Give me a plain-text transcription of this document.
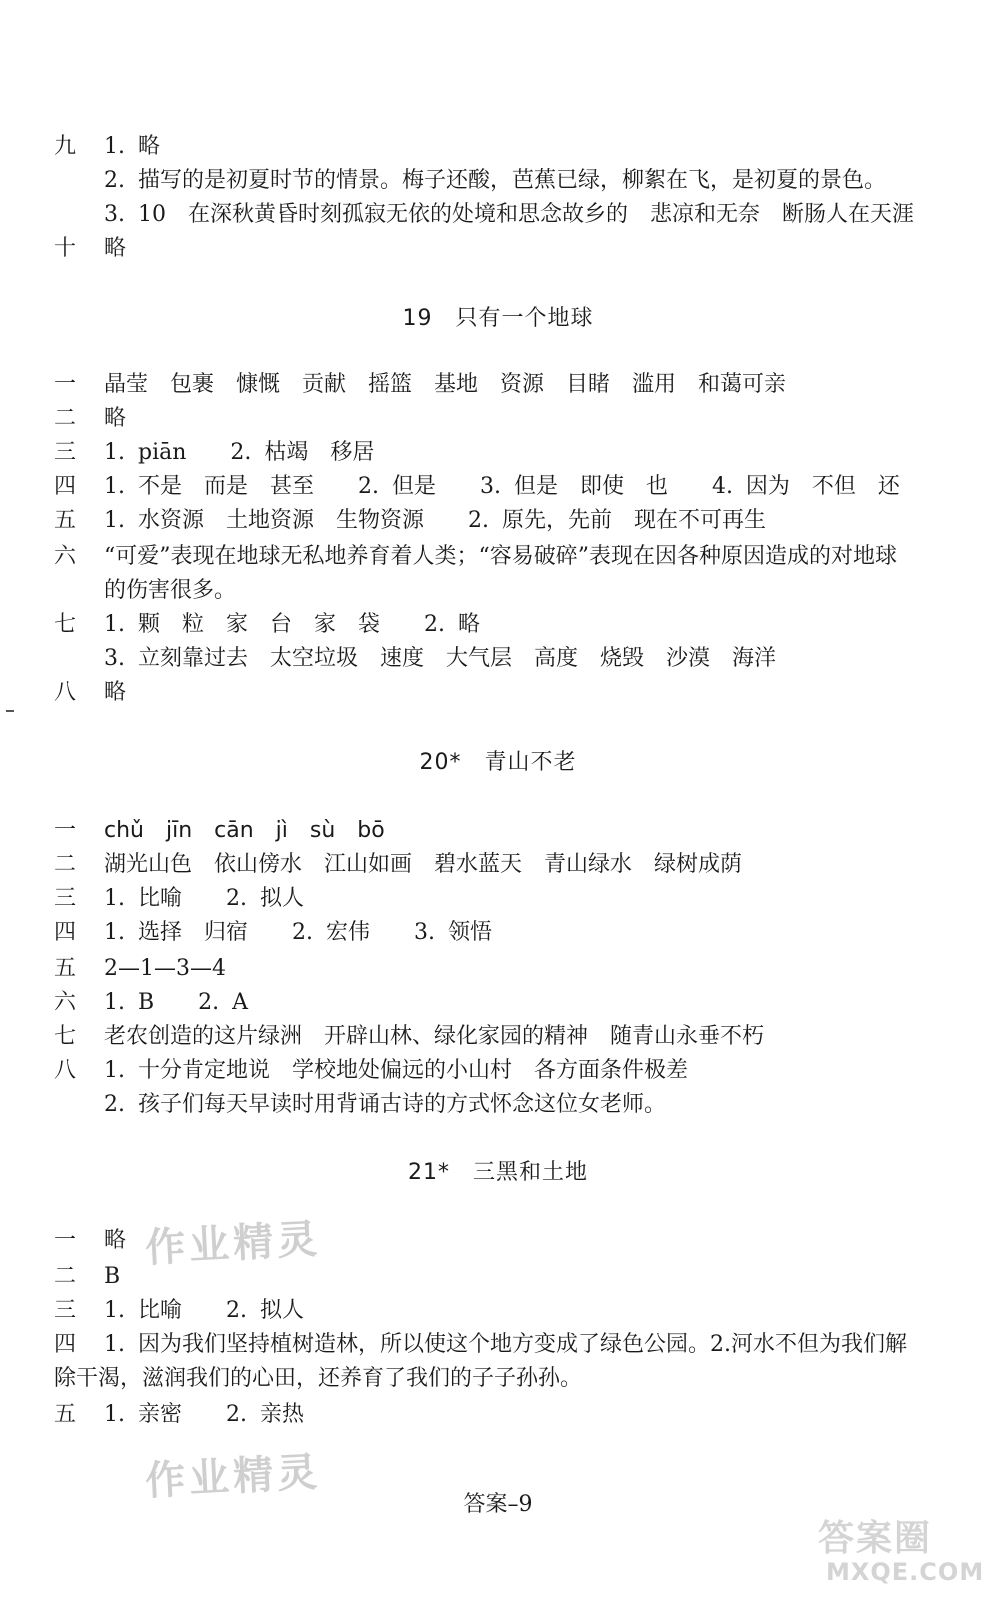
九 1. 略
2. 描写的是初夏时节的情景。梅子还酸，芭蕉已绿，柳絮在飞，是初夏的景色。
3. 10　在深秋黄昏时刻孤寂无依的处境和思念故乡的　悲凉和无奈　断肠人在天涯
十 略
19　只有一个地球
一 晶莹　包裹　慷慨　贡献　摇篮　基地　资源　目睹　滥用　和蔼可亲
二 略
三 1. piān　　2. 枯竭　移居
四 1. 不是　而是　甚至　　2. 但是　　3. 但是　即使　也　　4. 因为　不但　还
五 1. 水资源　土地资源　生物资源　　2. 原先，先前　现在不可再生
六 “可爱”表现在地球无私地养育着人类；“容易破碎”表现在因各种原因造成的对地球
的伤害很多。
七 1. 颗　粒　家　台　家　袋　　2. 略
3. 立刻靠过去　太空垃圾　速度　大气层　高度　烧毁　沙漠　海洋
八 略
20*　青山不老
一 chǔ　jīn　cān　jì　sù　bō
二 湖光山色　依山傍水　江山如画　碧水蓝天　青山绿水　绿树成荫
三 1. 比喻　　2. 拟人
四 1. 选择　归宿　　2. 宏伟　　3. 领悟
五 2—1—3—4
六 1. B　　2. A
七 老农创造的这片绿洲　开辟山林、绿化家园的精神　随青山永垂不朽
八 1. 十分肯定地说　学校地处偏远的小山村　各方面条件极差
2. 孩子们每天早读时用背诵古诗的方式怀念这位女老师。
21*　三黑和土地
一 略
二 B
三 1. 比喻　　2. 拟人
四 1. 因为我们坚持植树造林，所以使这个地方变成了绿色公园。2.河水不但为我们解
除干渴，滋润我们的心田，还养育了我们的子子孙孙。
五 1. 亲密　　2. 亲热
作业精灵
作业精灵	答案–9
答案圈
MXQE.COM
